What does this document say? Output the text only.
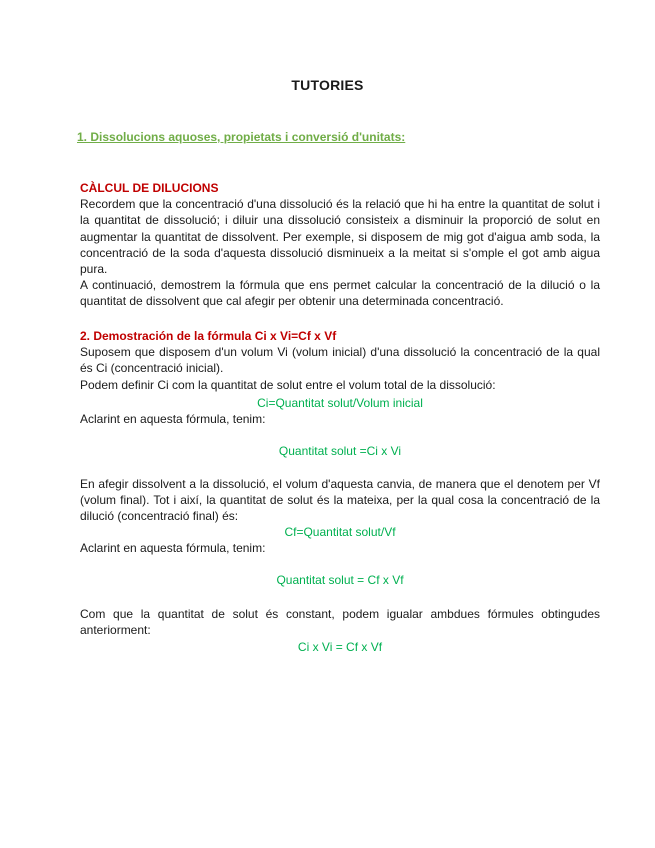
TUTORIES
1. Dissolucions aquoses, propietats i conversió d'unitats:

CÀLCUL DE DILUCIONS

Recordem que la concentració d'una dissolució és la relació que hi ha entre la quantitat de solut i la quantitat de dissolució; i diluir una dissolució consisteix a disminuir la proporció de solut en augmentar la quantitat de dissolvent. Per exemple, si disposem de mig got d'aigua amb soda, la concentració de la soda d'aquesta dissolució disminueix a la meitat si s'omple el got amb aigua pura.

A continuació, demostrem la fórmula que ens permet calcular la concentració de la dilució o la quantitat de dissolvent que cal afegir per obtenir una determinada concentració.

2. Demostración de la fórmula Ci x Vi=Cf x Vf

Suposem que disposem d'un volum Vi (volum inicial) d'una dissolució la concentració de la qual és Ci (concentració inicial).

Podem definir Ci com la quantitat de solut entre el volum total de la dissolució:

Ci=Quantitat solut/Volum inicial

Aclarint en aquesta fórmula, tenim:

Quantitat solut =Ci x Vi

En afegir dissolvent a la dissolució, el volum d'aquesta canvia, de manera que el denotem per Vf (volum final). Tot i així, la quantitat de solut és la mateixa, per la qual cosa la concentració de la dilució (concentració final) és:

Cf=Quantitat solut/Vf

Aclarint en aquesta fórmula, tenim:

Quantitat solut = Cf x Vf

Com que la quantitat de solut és constant, podem igualar ambdues fórmules obtingudes anteriorment:

Ci x Vi = Cf x Vf
